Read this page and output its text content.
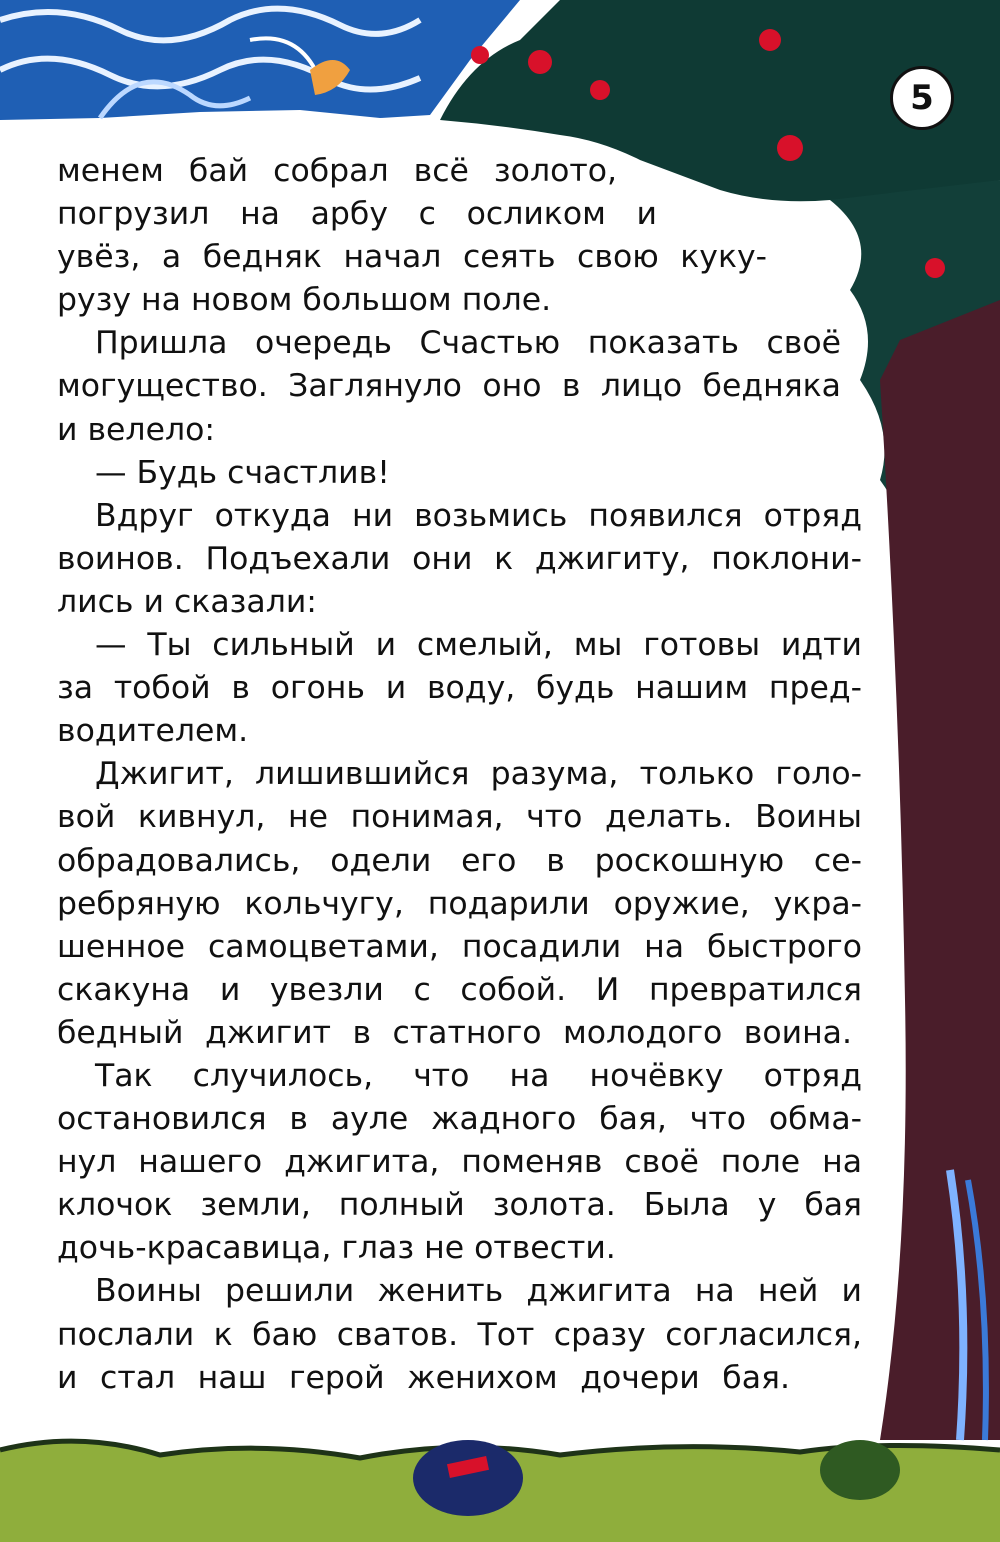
5
менем бай собрал всё золото,
погрузил на арбу с осликом и
увёз, а бедняк начал сеять свою куку-
рузу на новом большом поле.
Пришла очередь Счастью показать своё
могущество. Заглянуло оно в лицо бедняка
и велело:
— Будь счастлив!
Вдруг откуда ни возьмись появился отряд
воинов. Подъехали они к джигиту, поклони-
лись и сказали:
— Ты сильный и смелый, мы готовы идти
за тобой в огонь и воду, будь нашим пред-
водителем.
Джигит, лишившийся разума, только голо-
вой кивнул, не понимая, что делать. Воины
обрадовались, одели его в роскошную се-
ребряную кольчугу, подарили оружие, укра-
шенное самоцветами, посадили на быстрого
скакуна и увезли с собой. И превратился
бедный джигит в статного молодого воина.
Так случилось, что на ночёвку отряд
остановился в ауле жадного бая, что обма-
нул нашего джигита, поменяв своё поле на
клочок земли, полный золота. Была у бая
дочь-красавица, глаз не отвести.
Воины решили женить джигита на ней и
послали к баю сватов. Тот сразу согласился,
и стал наш герой женихом дочери бая.
